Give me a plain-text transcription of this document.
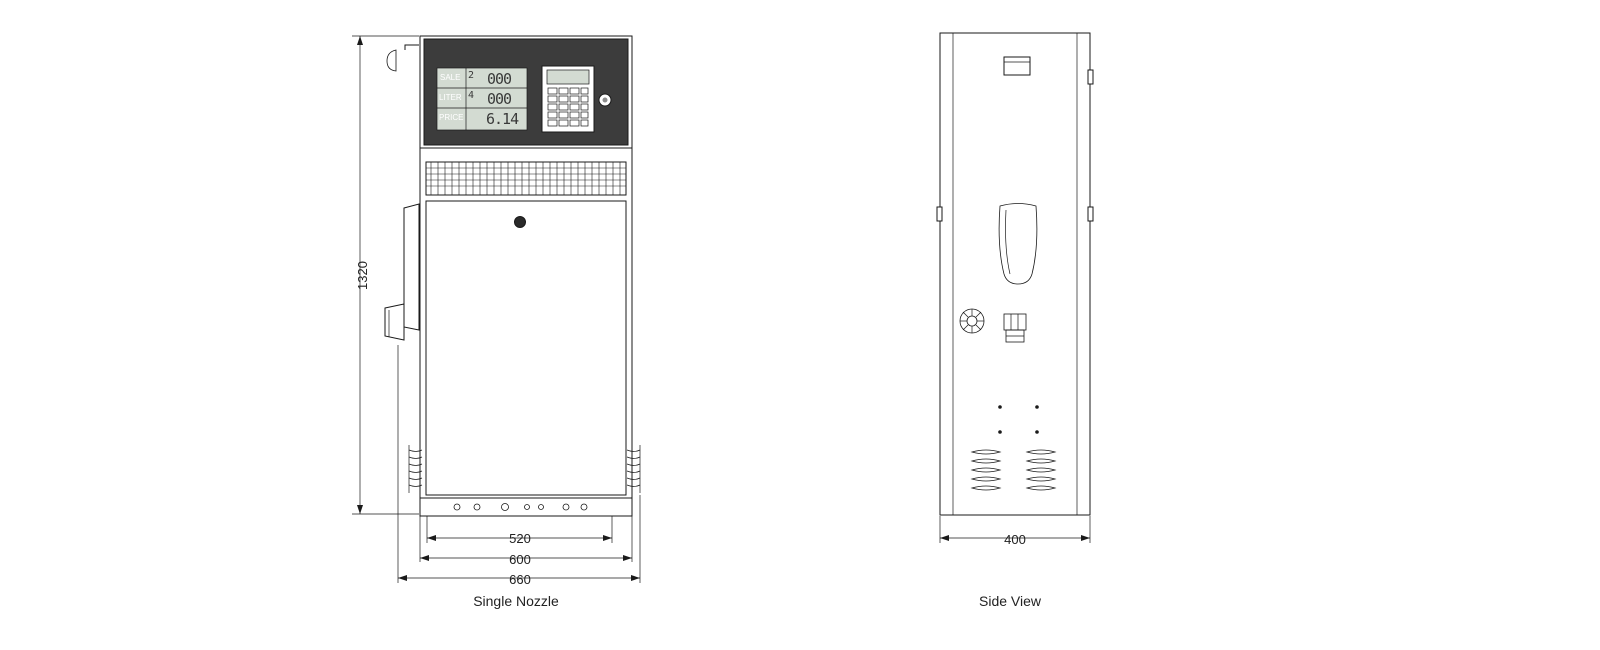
1320
520
600
660
400
Single Nozzle	Side View
SALE
LITER
PRICE
000
000
6.14
2
4
